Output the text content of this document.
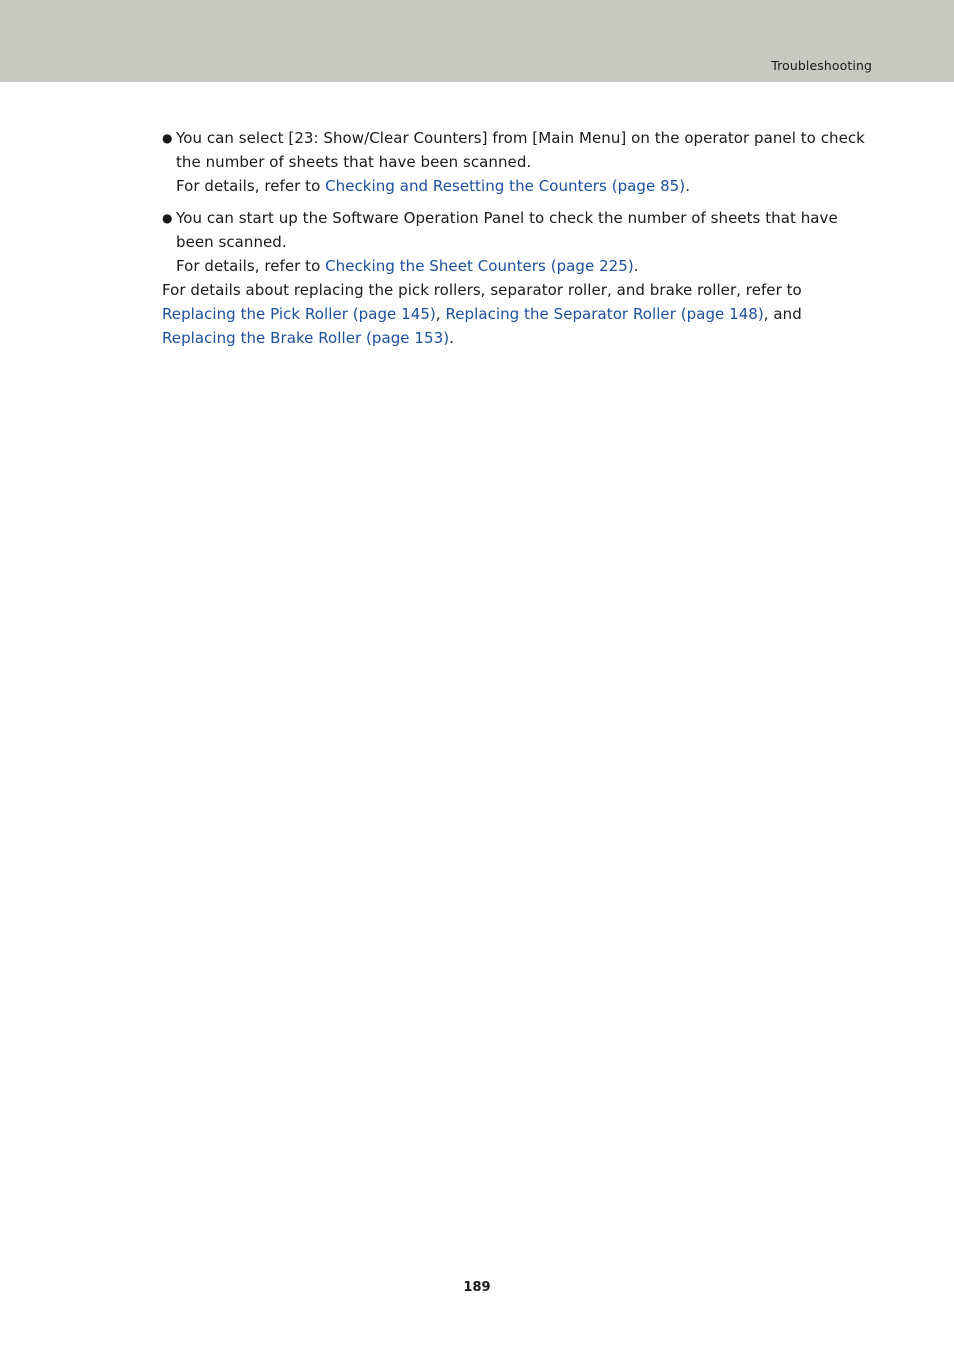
Troubleshooting
● You can select [23: Show/Clear Counters] from [Main Menu] on the operator panel to check the number of sheets that have been scanned.
For details, refer to Checking and Resetting the Counters (page 85).
● You can start up the Software Operation Panel to check the number of sheets that have been scanned.
For details, refer to Checking the Sheet Counters (page 225).
For details about replacing the pick rollers, separator roller, and brake roller, refer to Replacing the Pick Roller (page 145), Replacing the Separator Roller (page 148), and Replacing the Brake Roller (page 153).
189
